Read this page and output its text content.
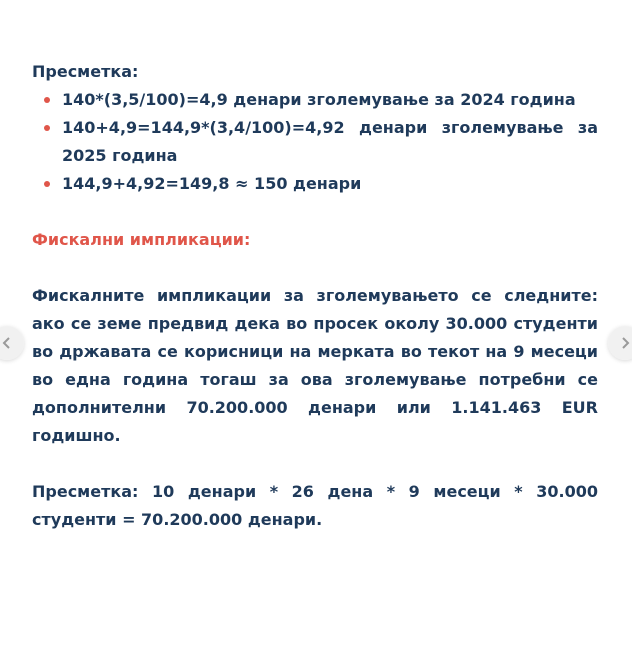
Пресметка:

140*(3,5/100)=4,9 денари зголемување за 2024 година
140+4,9=144,9*(3,4/100)=4,92 денари зголемување за 2025 година
144,9+4,92=149,8 ≈ 150 денари
Фискални импликации:
Фискалните импликации за зголемувањето се следните: ако се земе предвид дека во просек околу 30.000 студенти во државата се корисници на мерката во текот на 9 месеци во една година тогаш за ова зголемување потребни се дополнителни 70.200.000 денари или 1.141.463 EUR годишно.
Пресметка: 10 денари * 26 дена * 9 месеци * 30.000 студенти = 70.200.000 денари.
